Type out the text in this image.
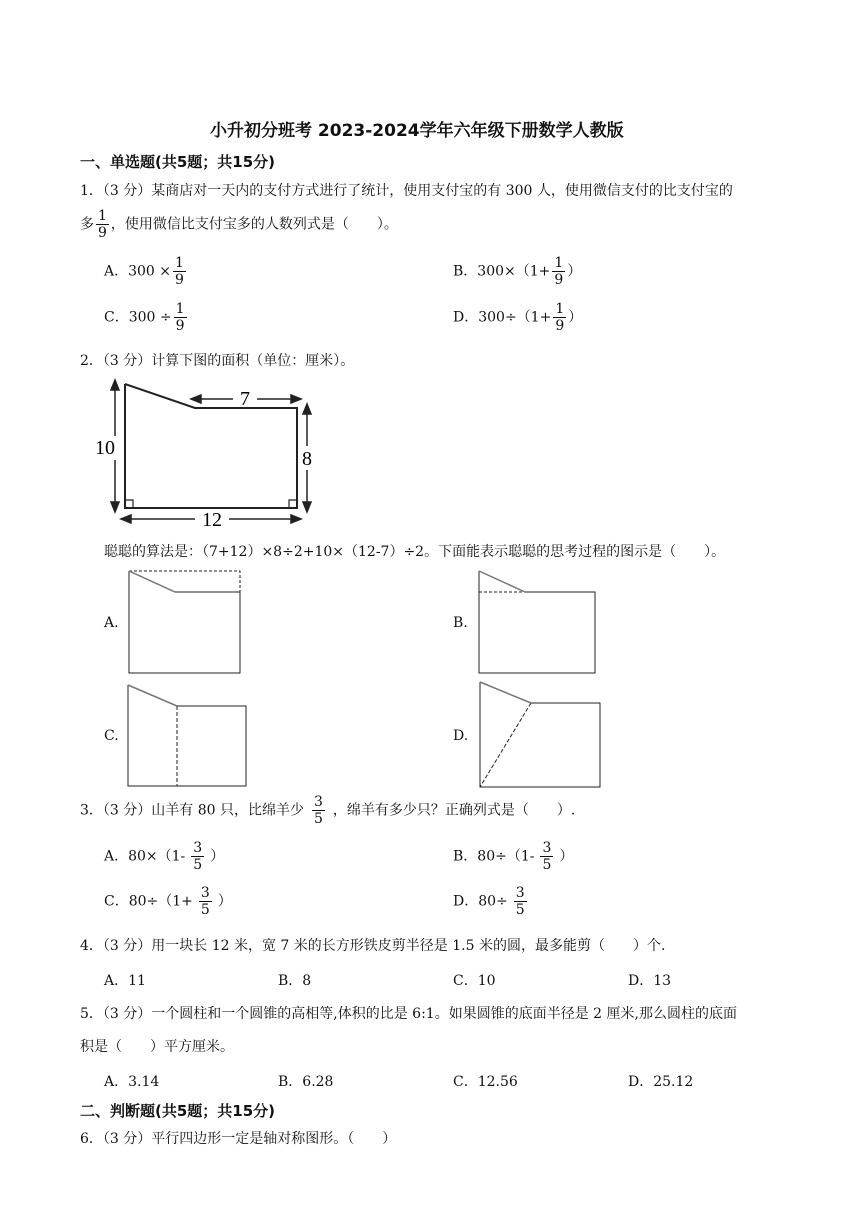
小升初分班考 2023-2024学年六年级下册数学人教版
一、单选题(共5题；共15分)
1．（3 分）某商店对一天内的支付方式进行了统计，使用支付宝的有 300 人，使用微信支付的比支付宝的
多 $\frac{1}{9}$ ，使用微信比支付宝多的人数列式是（　　）。
A．$300 \times \frac{1}{9}$	B．$300\times(1+ \frac{1}{9}$ ）
C．$300 \div \frac{1}{9}$	D．$300\div(1+ \frac{1}{9}$ ）
2．（3 分）计算下图的面积（单位：厘米）。
10	8
7
12
聪聪的算法是：（7+12）×8÷2+10×（12-7）÷2。下面能表示聪聪的思考过程的图示是（　　）。
A.	B.
C.	D.
3．（3 分）山羊有 80 只，比绵羊少 $\frac{3}{5}$ ，绵羊有多少只？正确列式是（　　）.
A．$80\times(1- \frac{3}{5}$ ）	B．$80\div(1- \frac{3}{5}$ ）
C．$80\div(1+ \frac{3}{5}$ ）	D．$80\div \frac{3}{5}$
4．（3 分）用一块长 12 米，宽 7 米的长方形铁皮剪半径是 1.5 米的圆，最多能剪（　　）个.
A．11	B．8	C．10	D．13
5．（3 分）一个圆柱和一个圆锥的高相等,体积的比是 6:1。如果圆锥的底面半径是 2 厘米,那么圆柱的底面
积是（　　）平方厘米。
A．3.14	B．6.28	C．12.56	D．25.12
二、判断题(共5题；共15分)
6．（3 分）平行四边形一定是轴对称图形。（　　）
